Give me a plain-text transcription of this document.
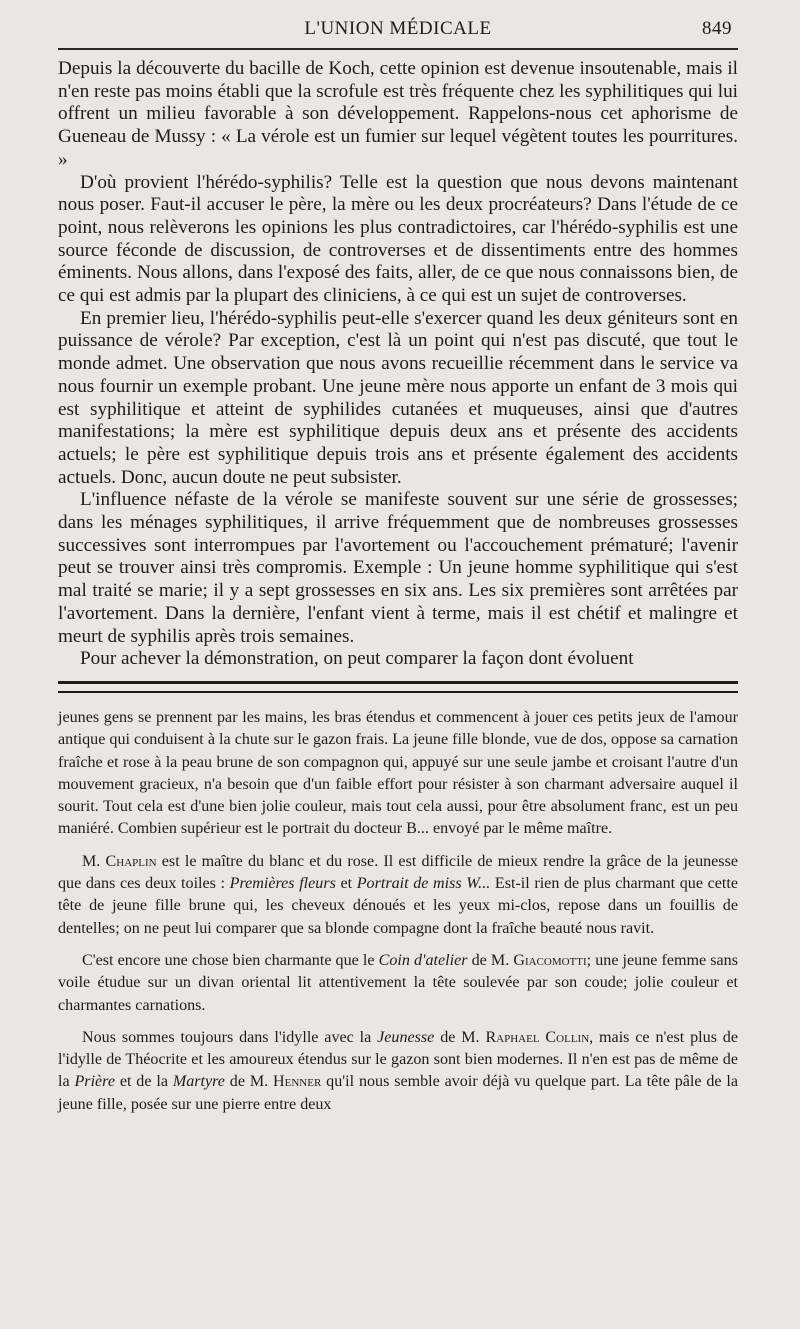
L'UNION MÉDICALE	849

Depuis la découverte du bacille de Koch, cette opinion est devenue insoutenable, mais il n'en reste pas moins établi que la scrofule est très fréquente chez les syphilitiques qui lui offrent un milieu favorable à son développement. Rappelons-nous cet aphorisme de Gueneau de Mussy : « La vérole est un fumier sur lequel végètent toutes les pourritures. »

D'où provient l'hérédo-syphilis? Telle est la question que nous devons maintenant nous poser. Faut-il accuser le père, la mère ou les deux procréateurs? Dans l'étude de ce point, nous relèverons les opinions les plus contradictoires, car l'hérédo-syphilis est une source féconde de discussion, de controverses et de dissentiments entre des hommes éminents. Nous allons, dans l'exposé des faits, aller, de ce que nous connaissons bien, de ce qui est admis par la plupart des cliniciens, à ce qui est un sujet de controverses.

En premier lieu, l'hérédo-syphilis peut-elle s'exercer quand les deux géniteurs sont en puissance de vérole? Par exception, c'est là un point qui n'est pas discuté, que tout le monde admet. Une observation que nous avons recueillie récemment dans le service va nous fournir un exemple probant. Une jeune mère nous apporte un enfant de 3 mois qui est syphilitique et atteint de syphilides cutanées et muqueuses, ainsi que d'autres manifestations; la mère est syphilitique depuis deux ans et présente des accidents actuels; le père est syphilitique depuis trois ans et présente également des accidents actuels. Donc, aucun doute ne peut subsister.

L'influence néfaste de la vérole se manifeste souvent sur une série de grossesses; dans les ménages syphilitiques, il arrive fréquemment que de nombreuses grossesses successives sont interrompues par l'avortement ou l'accouchement prématuré; l'avenir peut se trouver ainsi très compromis. Exemple : Un jeune homme syphilitique qui s'est mal traité se marie; il y a sept grossesses en six ans. Les six premières sont arrêtées par l'avortement. Dans la dernière, l'enfant vient à terme, mais il est chétif et malingre et meurt de syphilis après trois semaines.

Pour achever la démonstration, on peut comparer la façon dont évoluent

jeunes gens se prennent par les mains, les bras étendus et commencent à jouer ces petits jeux de l'amour antique qui conduisent à la chute sur le gazon frais. La jeune fille blonde, vue de dos, oppose sa carnation fraîche et rose à la peau brune de son compagnon qui, appuyé sur une seule jambe et croisant l'autre d'un mouvement gracieux, n'a besoin que d'un faible effort pour résister à son charmant adversaire auquel il sourit. Tout cela est d'une bien jolie couleur, mais tout cela aussi, pour être absolument franc, est un peu maniéré. Combien supérieur est le portrait du docteur B... envoyé par le même maître.

M. Chaplin est le maître du blanc et du rose. Il est difficile de mieux rendre la grâce de la jeunesse que dans ces deux toiles : Premières fleurs et Portrait de miss W... Est-il rien de plus charmant que cette tête de jeune fille brune qui, les cheveux dénoués et les yeux mi-clos, repose dans un fouillis de dentelles; on ne peut lui comparer que sa blonde compagne dont la fraîche beauté nous ravit.

C'est encore une chose bien charmante que le Coin d'atelier de M. Giacomotti; une jeune femme sans voile étudue sur un divan oriental lit attentivement la tête soulevée par son coude; jolie couleur et charmantes carnations.

Nous sommes toujours dans l'idylle avec la Jeunesse de M. Raphael Collin, mais ce n'est plus de l'idylle de Théocrite et les amoureux étendus sur le gazon sont bien modernes. Il n'en est pas de même de la Prière et de la Martyre de M. Henner qu'il nous semble avoir déjà vu quelque part. La tête pâle de la jeune fille, posée sur une pierre entre deux
